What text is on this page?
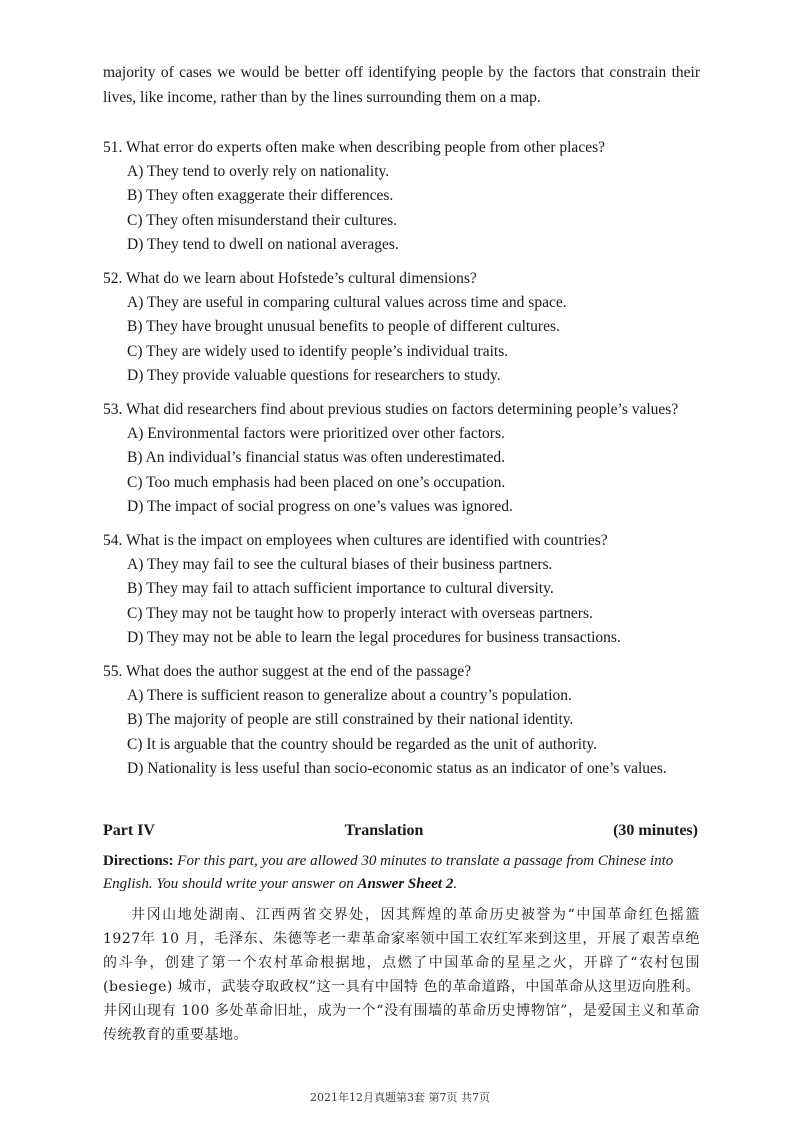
majority of cases we would be better off identifying people by the factors that constrain their lives, like income, rather than by the lines surrounding them on a map.
51. What error do experts often make when describing people from other places?
A) They tend to overly rely on nationality.
B) They often exaggerate their differences.
C) They often misunderstand their cultures.
D) They tend to dwell on national averages.
52. What do we learn about Hofstede’s cultural dimensions?
A) They are useful in comparing cultural values across time and space.
B) They have brought unusual benefits to people of different cultures.
C) They are widely used to identify people’s individual traits.
D) They provide valuable questions for researchers to study.
53. What did researchers find about previous studies on factors determining people’s values?
A) Environmental factors were prioritized over other factors.
B) An individual’s financial status was often underestimated.
C) Too much emphasis had been placed on one’s occupation.
D) The impact of social progress on one’s values was ignored.
54. What is the impact on employees when cultures are identified with countries?
A) They may fail to see the cultural biases of their business partners.
B) They may fail to attach sufficient importance to cultural diversity.
C) They may not be taught how to properly interact with overseas partners.
D) They may not be able to learn the legal procedures for business transactions.
55. What does the author suggest at the end of the passage?
A) There is sufficient reason to generalize about a country’s population.
B) The majority of people are still constrained by their national identity.
C) It is arguable that the country should be regarded as the unit of authority.
D) Nationality is less useful than socio-economic status as an indicator of one’s values.
Part IV	Translation	(30 minutes)
Directions: For this part, you are allowed 30 minutes to translate a passage from Chinese into English. You should write your answer on Answer Sheet 2.
井冈山地处湖南、江西两省交界处，因其辉煌的革命历史被誉为“中国革命红色摇篮 1927年 10 月，毛泽东、朱德等老一辈革命家率领中国工农红军来到这里，开展了艰苦卓绝的斗争，创建了第一个农村革命根据地，点燃了中国革命的星星之火，开辟了“农村包围 (besiege) 城市，武装夺取政权”这一具有中国特 色的革命道路，中国革命从这里迈向胜利。井冈山现有 100 多处革命旧址，成为一个“没有围墙的革命历史博物馆”，是爱国主义和革命传统教育的重要基地。
2021年12月真题第3套 第7页 共7页
